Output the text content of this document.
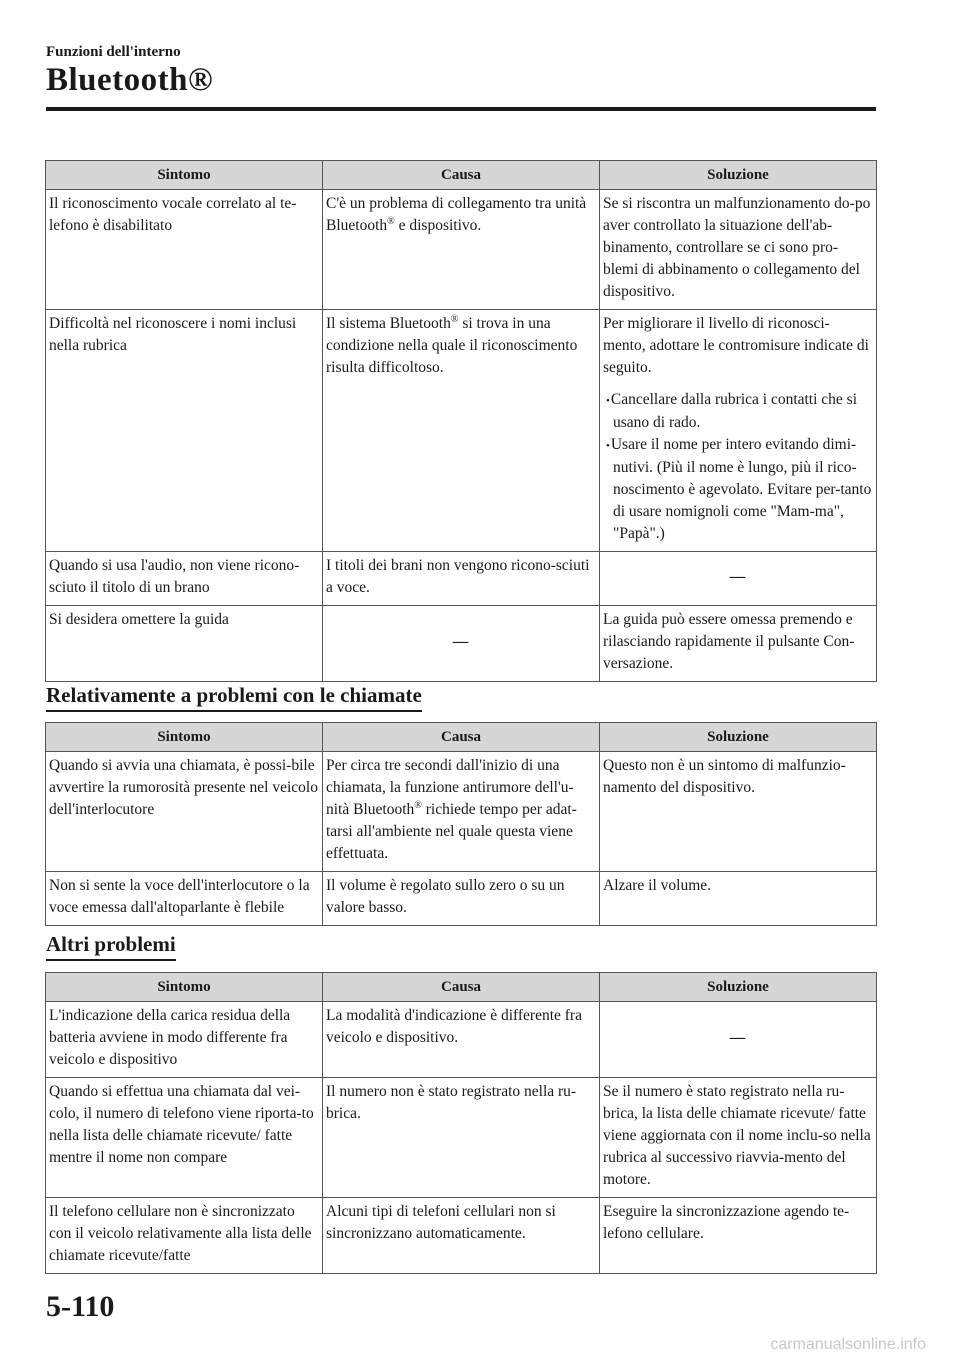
Funzioni dell'interno
Bluetooth®
Sintomo	Causa	Soluzione
Il riconoscimento vocale correlato al te-lefono è disabilitato	C'è un problema di collegamento tra unità Bluetooth® e dispositivo.	Se si riscontra un malfunzionamento do-po aver controllato la situazione dell'ab-binamento, controllare se ci sono pro-blemi di abbinamento o collegamento del dispositivo.
Difficoltà nel riconoscere i nomi inclusi nella rubrica	Il sistema Bluetooth® si trova in una condizione nella quale il riconoscimento risulta difficoltoso.	Per migliorare il livello di riconosci-mento, adottare le contromisure indicate di seguito.
• Cancellare dalla rubrica i contatti che si usano di rado.
• Usare il nome per intero evitando dimi-nutivi. (Più il nome è lungo, più il rico-noscimento è agevolato. Evitare per-tanto di usare nomignoli come "Mam-ma", "Papà".)

Quando si usa l'audio, non viene ricono-sciuto il titolo di un brano	I titoli dei brani non vengono ricono-sciuti a voce.	—
Si desidera omettere la guida	—	La guida può essere omessa premendo e rilasciando rapidamente il pulsante Con-versazione.
Relativamente a problemi con le chiamate
Sintomo	Causa	Soluzione
Quando si avvia una chiamata, è possi-bile avvertire la rumorosità presente nel veicolo dell'interlocutore	Per circa tre secondi dall'inizio di una chiamata, la funzione antirumore dell'u-nità Bluetooth® richiede tempo per adat-tarsi all'ambiente nel quale questa viene effettuata.	Questo non è un sintomo di malfunzio-namento del dispositivo.
Non si sente la voce dell'interlocutore o la voce emessa dall'altoparlante è flebile	Il volume è regolato sullo zero o su un valore basso.	Alzare il volume.
Altri problemi
Sintomo	Causa	Soluzione
L'indicazione della carica residua della batteria avviene in modo differente fra veicolo e dispositivo	La modalità d'indicazione è differente fra veicolo e dispositivo.	—
Quando si effettua una chiamata dal vei-colo, il numero di telefono viene riporta-to nella lista delle chiamate ricevute/ fatte mentre il nome non compare	Il numero non è stato registrato nella ru-brica.	Se il numero è stato registrato nella ru-brica, la lista delle chiamate ricevute/ fatte viene aggiornata con il nome inclu-so nella rubrica al successivo riavvia-mento del motore.
Il telefono cellulare non è sincronizzato con il veicolo relativamente alla lista delle chiamate ricevute/fatte	Alcuni tipi di telefoni cellulari non si sincronizzano automaticamente.	Eseguire la sincronizzazione agendo te-lefono cellulare.
5-110
carmanualsonline.info
